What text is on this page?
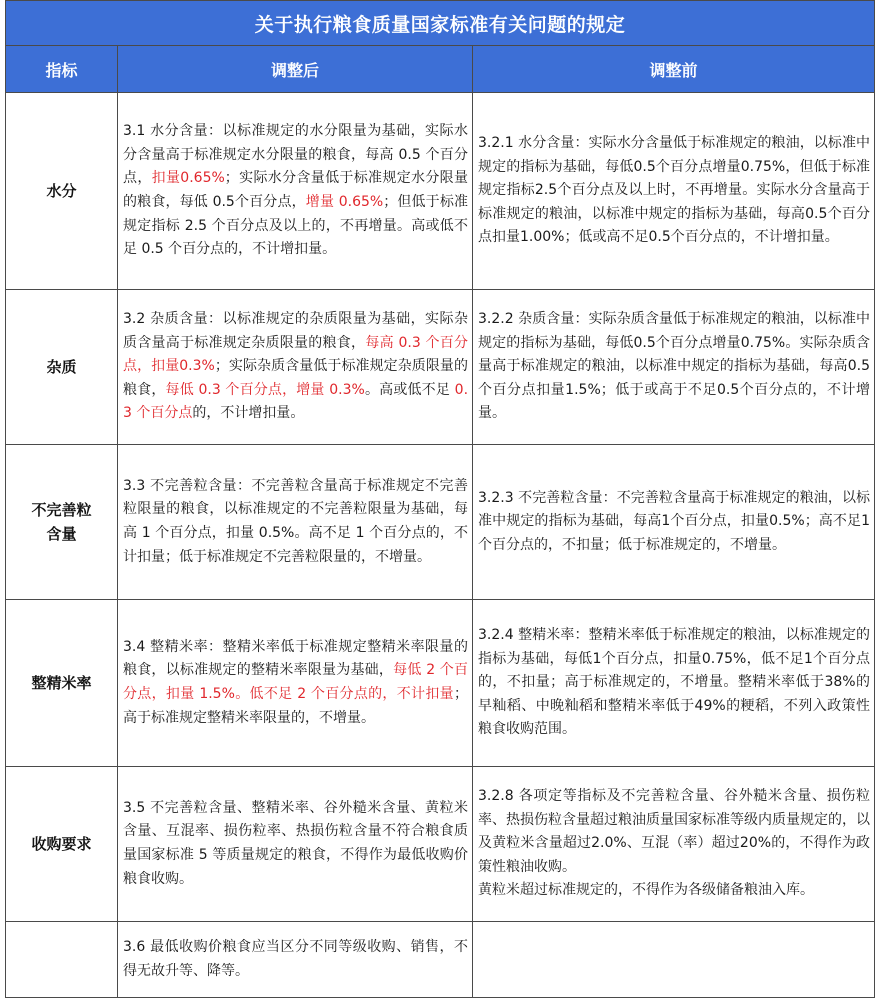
关于执行粮食质量国家标准有关问题的规定		
指标	调整后	调整前
水分	3.1 水分含量：以标准规定的水分限量为基础，实际水分含量高于标准规定水分限量的粮食，每高 0.5 个百分点，扣量0.65%；实际水分含量低于标准规定水分限量的粮食，每低 0.5个百分点，增量 0.65%；但低于标准规定指标 2.5 个百分点及以上的，不再增量。高或低不足 0.5 个百分点的，不计增扣量。	3.2.1 水分含量：实际水分含量低于标准规定的粮油，以标准中规定的指标为基础，每低0.5个百分点增量0.75%，但低于标准规定指标2.5个百分点及以上时，不再增量。实际水分含量高于标准规定的粮油，以标准中规定的指标为基础，每高0.5个百分点扣量1.00%；低或高不足0.5个百分点的，不计增扣量。
杂质	3.2 杂质含量：以标准规定的杂质限量为基础，实际杂质含量高于标准规定杂质限量的粮食，每高 0.3 个百分点，扣量0.3%；实际杂质含量低于标准规定杂质限量的粮食，每低 0.3 个百分点，增量 0.3%。高或低不足 0.3 个百分点的，不计增扣量。	3.2.2 杂质含量：实际杂质含量低于标准规定的粮油，以标准中规定的指标为基础，每低0.5个百分点增量0.75%。实际杂质含量高于标准规定的粮油，以标准中规定的指标为基础，每高0.5个百分点扣量1.5%；低于或高于不足0.5个百分点的，不计增量。

不完善粒
含量	3.3 不完善粒含量：不完善粒含量高于标准规定不完善粒限量的粮食，以标准规定的不完善粒限量为基础，每高 1 个百分点，扣量 0.5%。高不足 1 个百分点的，不计扣量；低于标准规定不完善粒限量的，不增量。	3.2.3 不完善粒含量：不完善粒含量高于标准规定的粮油，以标准中规定的指标为基础，每高1个百分点，扣量0.5%；高不足1个百分点的，不扣量；低于标准规定的，不增量。
整精米率	3.4 整精米率：整精米率低于标准规定整精米率限量的粮食，以标准规定的整精米率限量为基础，每低 2 个百分点，扣量 1.5%。低不足 2 个百分点的，不计扣量；高于标准规定整精米率限量的，不增量。	3.2.4 整精米率：整精米率低于标准规定的粮油，以标准规定的指标为基础，每低1个百分点，扣量0.75%，低不足1个百分点的，不扣量；高于标准规定的，不增量。整精米率低于38%的早籼稻、中晚籼稻和整精米率低于49%的粳稻，不列入政策性粮食收购范围。
收购要求	3.5 不完善粒含量、整精米率、谷外糙米含量、黄粒米含量、互混率、损伤粒率、热损伤粒含量不符合粮食质量国家标准 5 等质量规定的粮食，不得作为最低收购价粮食收购。	3.2.8 各项定等指标及不完善粒含量、谷外糙米含量、损伤粒率、热损伤粒含量超过粮油质量国家标准等级内质量规定的，以及黄粒米含量超过2.0%、互混（率）超过20%的，不得作为政策性粮油收购。
黄粒米超过标准规定的，不得作为各级储备粮油入库。

	3.6 最低收购价粮食应当区分不同等级收购、销售，不得无故升等、降等。	
